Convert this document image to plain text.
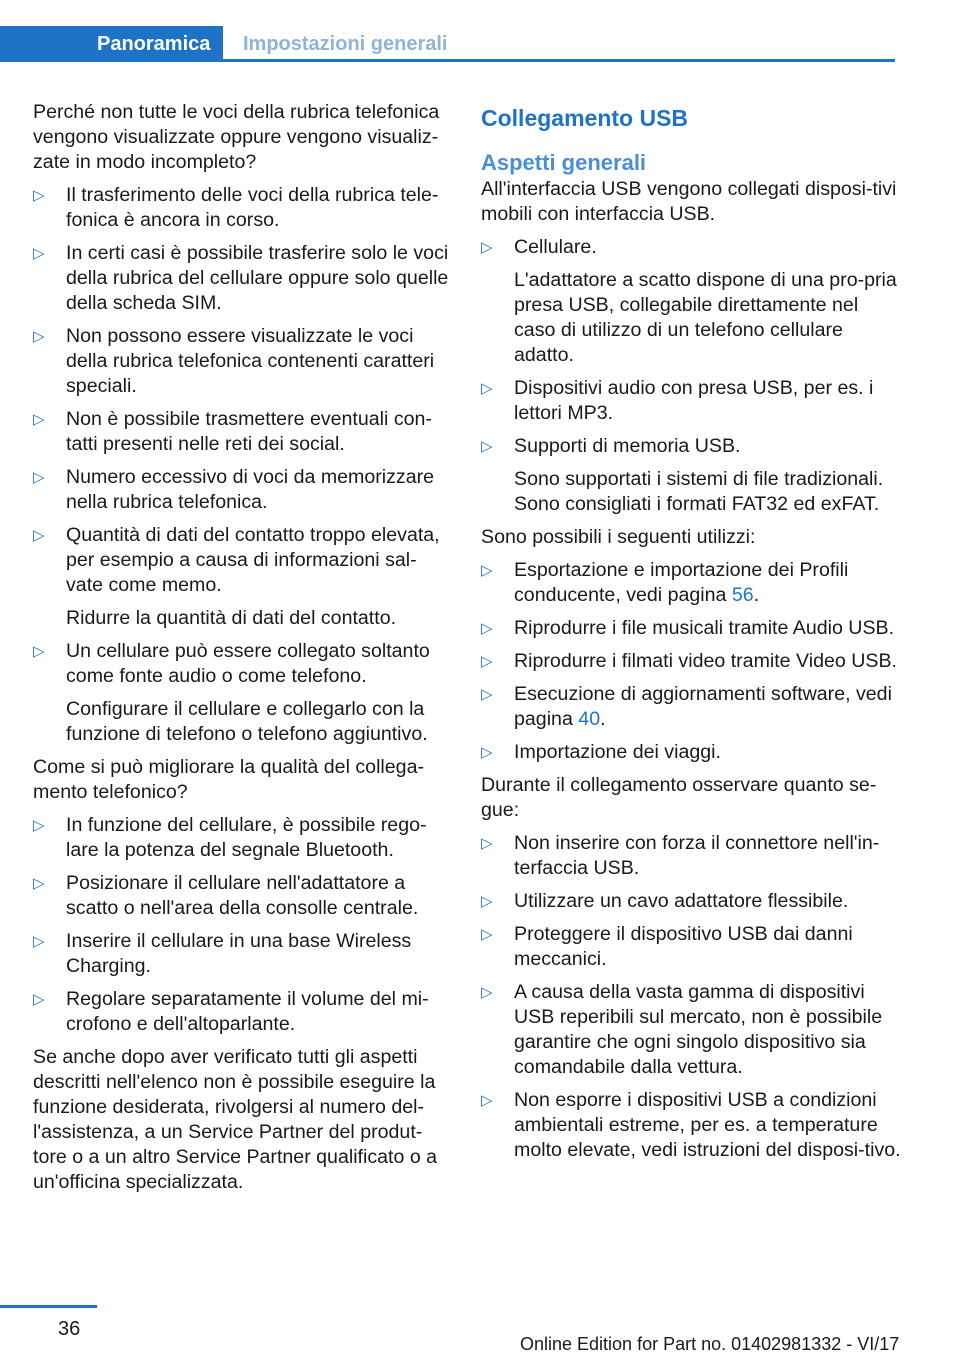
Panoramica	Impostazioni generali

Perché non tutte le voci della rubrica telefonica vengono visualizzate oppure vengono visualiz-zate in modo incompleto?

▷ Il trasferimento delle voci della rubrica tele-fonica è ancora in corso.
▷ In certi casi è possibile trasferire solo le voci della rubrica del cellulare oppure solo quelle della scheda SIM.
▷ Non possono essere visualizzate le voci della rubrica telefonica contenenti caratteri speciali.
▷ Non è possibile trasmettere eventuali con-tatti presenti nelle reti dei social.
▷ Numero eccessivo di voci da memorizzare nella rubrica telefonica.
▷ Quantità di dati del contatto troppo elevata, per esempio a causa di informazioni sal-vate come memo.
Ridurre la quantità di dati del contatto.
▷ Un cellulare può essere collegato soltanto come fonte audio o come telefono.
Configurare il cellulare e collegarlo con la funzione di telefono o telefono aggiuntivo.

Come si può migliorare la qualità del collega-mento telefonico?

▷ In funzione del cellulare, è possibile rego-lare la potenza del segnale Bluetooth.
▷ Posizionare il cellulare nell'adattatore a scatto o nell'area della consolle centrale.
▷ Inserire il cellulare in una base Wireless Charging.
▷ Regolare separatamente il volume del mi-crofono e dell'altoparlante.

Se anche dopo aver verificato tutti gli aspetti descritti nell'elenco non è possibile eseguire la funzione desiderata, rivolgersi al numero del-l'assistenza, a un Service Partner del produt-tore o a un altro Service Partner qualificato o a un'officina specializzata.

Collegamento USB
Aspetti generali

All'interfaccia USB vengono collegati disposi-tivi mobili con interfaccia USB.

▷ Cellulare.
L'adattatore a scatto dispone di una pro-pria presa USB, collegabile direttamente nel caso di utilizzo di un telefono cellulare adatto.
▷ Dispositivi audio con presa USB, per es. i lettori MP3.
▷ Supporti di memoria USB.
Sono supportati i sistemi di file tradizionali. Sono consigliati i formati FAT32 ed exFAT.

Sono possibili i seguenti utilizzi:

▷ Esportazione e importazione dei Profili conducente, vedi pagina 56.
▷ Riprodurre i file musicali tramite Audio USB.
▷ Riprodurre i filmati video tramite Video USB.
▷ Esecuzione di aggiornamenti software, vedi pagina 40.
▷ Importazione dei viaggi.

Durante il collegamento osservare quanto se-gue:

▷ Non inserire con forza il connettore nell'in-terfaccia USB.
▷ Utilizzare un cavo adattatore flessibile.
▷ Proteggere il dispositivo USB dai danni meccanici.
▷ A causa della vasta gamma di dispositivi USB reperibili sul mercato, non è possibile garantire che ogni singolo dispositivo sia comandabile dalla vettura.
▷ Non esporre i dispositivi USB a condizioni ambientali estreme, per es. a temperature molto elevate, vedi istruzioni del disposi-tivo.
36
Online Edition for Part no. 01402981332 - VI/17
